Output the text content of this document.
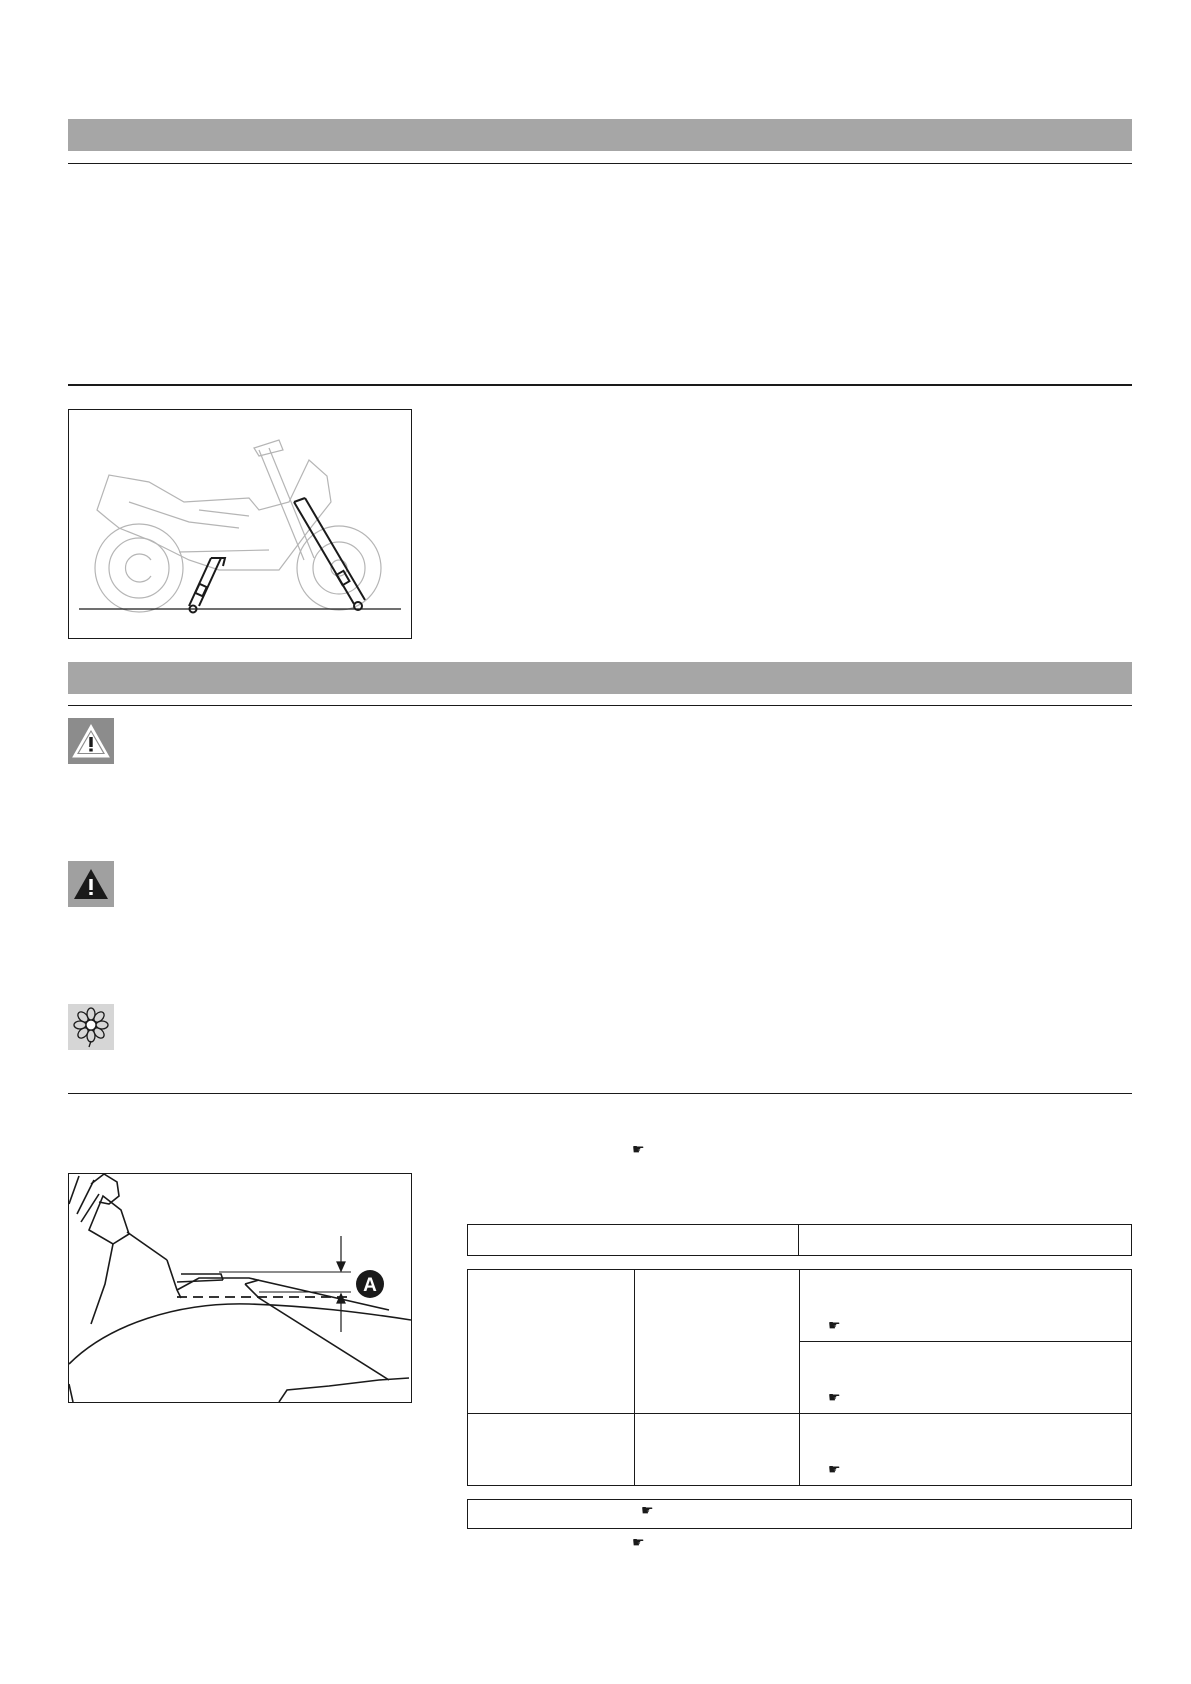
☛
A

		☛

		☛

		☛
☛
☛
